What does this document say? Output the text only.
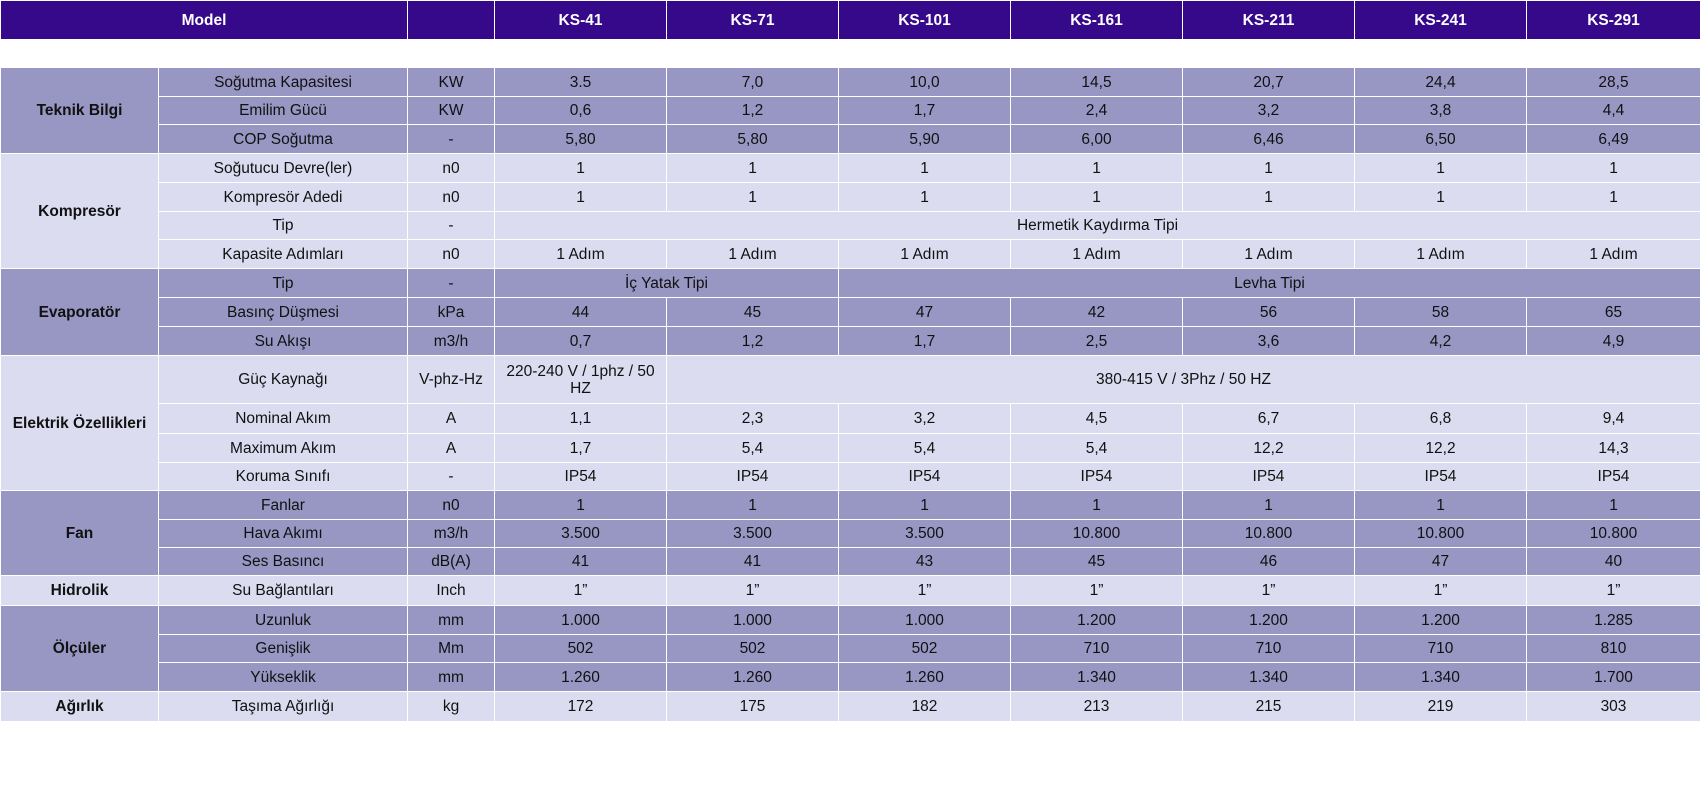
Model			KS-41	KS-71	KS-101	KS-161	KS-211	KS-241	KS-291

Teknik Bilgi	Soğutma Kapasitesi	KW	3.5	7,0	10,0	14,5	20,7	24,4	28,5
	Emilim Gücü	KW	0,6	1,2	1,7	2,4	3,2	3,8	4,4
	COP Soğutma	-	5,80	5,80	5,90	6,00	6,46	6,50	6,49
Kompresör	Soğutucu Devre(ler)	n0	1	1	1	1	1	1	1
	Kompresör Adedi	n0	1	1	1	1	1	1	1
	Tip	-	Hermetik Kaydırma Tipi						
	Kapasite Adımları	n0	1 Adım	1 Adım	1 Adım	1 Adım	1 Adım	1 Adım	1 Adım
Evaporatör	Tip	-	İç Yatak Tipi		Levha Tipi				
	Basınç Düşmesi	kPa	44	45	47	42	56	58	65
	Su Akışı	m3/h	0,7	1,2	1,7	2,5	3,6	4,2	4,9
Elektrik Özellikleri	Güç Kaynağı	V-phz-Hz	220-240 V / 1phz / 50 HZ	380-415 V / 3Phz / 50 HZ					
	Nominal Akım	A	1,1	2,3	3,2	4,5	6,7	6,8	9,4
	Maximum Akım	A	1,7	5,4	5,4	5,4	12,2	12,2	14,3
	Koruma Sınıfı	-	IP54	IP54	IP54	IP54	IP54	IP54	IP54
Fan	Fanlar	n0	1	1	1	1	1	1	1
	Hava Akımı	m3/h	3.500	3.500	3.500	10.800	10.800	10.800	10.800
	Ses Basıncı	dB(A)	41	41	43	45	46	47	40
Hidrolik	Su Bağlantıları	Inch	1”	1”	1”	1”	1”	1”	1”
Ölçüler	Uzunluk	mm	1.000	1.000	1.000	1.200	1.200	1.200	1.285
	Genişlik	Mm	502	502	502	710	710	710	810
	Yükseklik	mm	1.260	1.260	1.260	1.340	1.340	1.340	1.700
Ağırlık	Taşıma Ağırlığı	kg	172	175	182	213	215	219	303
